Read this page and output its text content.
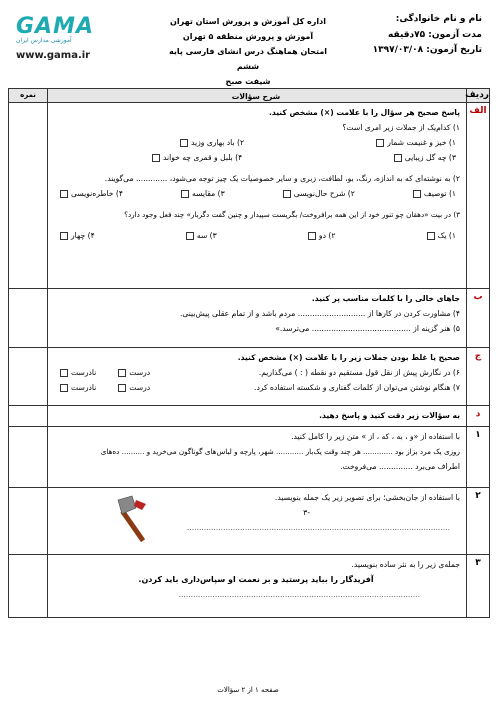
نام و نام خانوادگی:
مدت آزمون: ۷۵دقیقه
تاریخ آزمون: ۱۳۹۷/۰۳/۰۸
اداره کل آموزش و پرورش استان تهران
آموزش و پرورش منطقه ۵ تهران
امتحان هماهنگ درس انشای فارسی پایه ششم
شیفت صبح
GAMA
آموزشی مدارس ایران
www.gama.ir
ردیف
شرح سؤالات
نمره
الف
پاسخ صحیح هر سؤال را با علامت (×) مشخص کنید.
۱) کدام‌یک از جملات زیر امری است؟
۱) خیز و غنیمت شمار
۲) باد بهاری وزید
۳) چه گل زیبایی
۴) بلبل و قمری چه خواند
۲) به نوشته‌ای که به اندازه، رنگ، بو، لطافت، زبری و سایر خصوصیات یک چیز توجه می‌شود، ............. می‌گویند.
۱) توصیف
۲) شرح حال‌نویسی
۳) مقایسه
۴) خاطره‌نویسی
۳) در بیت «دهقان چو تنور خود از این همه برافروخت/ بگریست سپیدار و چنین گفت دگربار» چند فعل وجود دارد؟
۱) یک
۲) دو
۳) سه
۴) چهار
ب
جاهای خالی را با کلمات مناسب پر کنید.
۴) مشاورت کردن در کارها از ............................ مردم باشد و از تمام عقلی پیش‌بینی.
۵) هنر گزینه از ......................................... می‌ترسد.»
ج
صحیح یا غلط بودن جملات زیر را با علامت (×) مشخص کنید.
۶) در نگارش پیش از نقل قول مستقیم دو نقطه ( : ) می‌گذاریم.
درست
نادرست
۷) هنگام نوشتن می‌توان از کلمات گفتاری و شکسته استفاده کرد.
درست
نادرست
د
به سؤالات زیر دقت کنید و پاسخ دهید.
۱
با استفاده از «و ، به ، که ، از » متن زیر را کامل کنید.
روزی یک مرد بزاز بود ............. هر چند وقت یک‌بار ............ شهر، پارچه و لباس‌های گوناگون می‌خرید و .......... ده‌های
اطراف می‌برد .............. می‌فروخت.
۲
با استفاده از جان‌بخشی؛ برای تصویر زیر یک جمله بنویسید.
-۳
.............................................................................................................
۳
جمله‌ی زیر را به نثر ساده بنویسید.
آفریدگار را بباید پرستید و بر نعمت او سپاس‌داری باید کردن.
....................................................................................................
صفحه ۱ از ۲ سؤالات
